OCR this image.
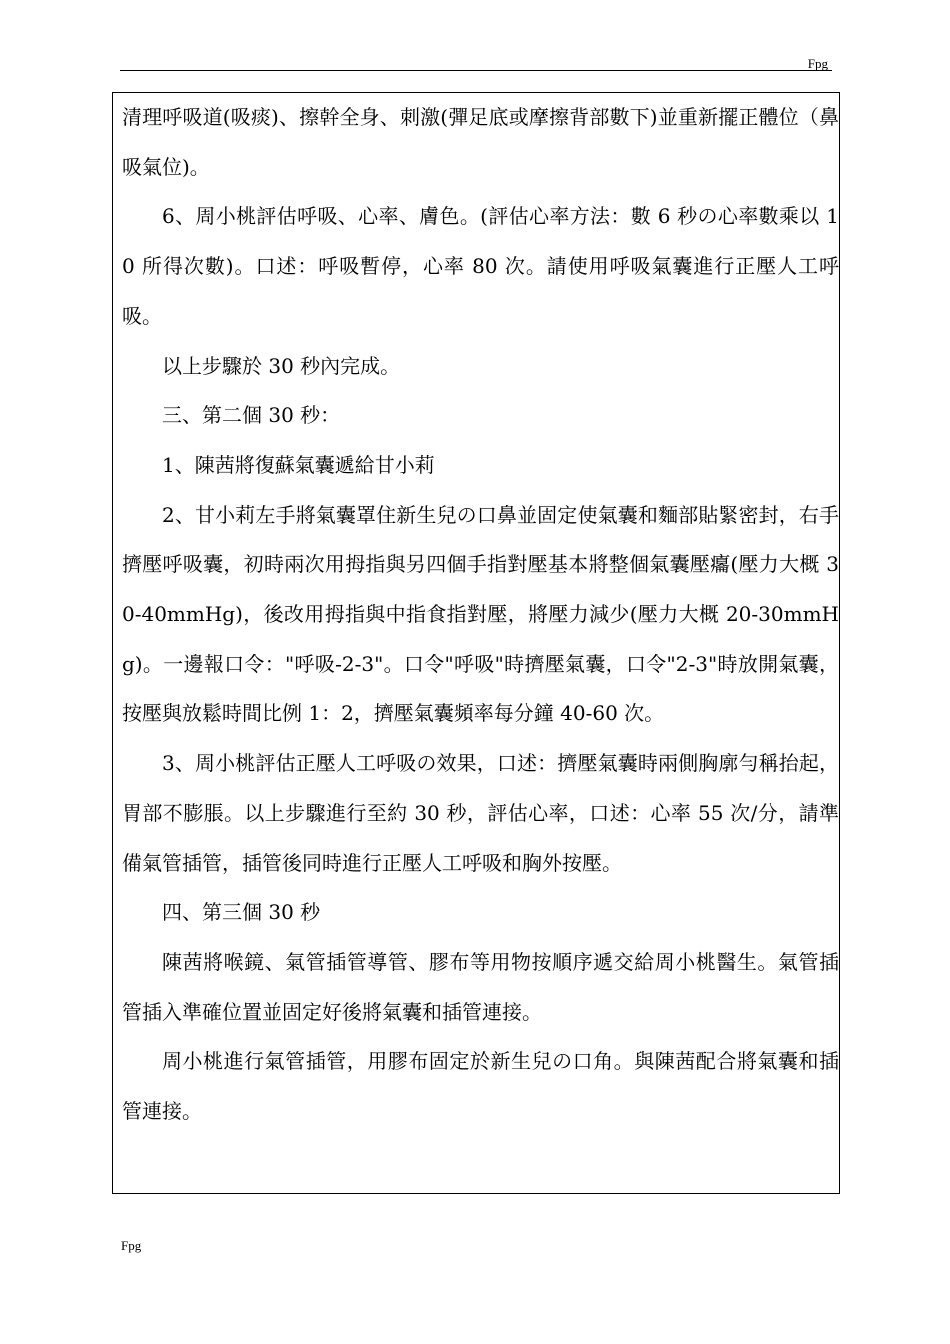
Fpg

清理呼吸道(吸痰)、擦幹全身、刺激(彈足底或摩擦背部數下)並重新擺正體位（鼻吸氣位)。

6、周小桃評估呼吸、心率、膚色。(評估心率方法：數 6 秒の心率數乘以 10 所得次數)。口述：呼吸暫停，心率 80 次。請使用呼吸氣囊進行正壓人工呼吸。

以上步驟於 30 秒內完成。

三、第二個 30 秒：

1、陳茜將復蘇氣囊遞給甘小莉

2、甘小莉左手將氣囊罩住新生兒の口鼻並固定使氣囊和麵部貼緊密封，右手擠壓呼吸囊，初時兩次用拇指與另四個手指對壓基本將整個氣囊壓癟(壓力大概 30-40mmHg)，後改用拇指與中指食指對壓，將壓力減少(壓力大概 20-30mmHg)。一邊報口令："呼吸-2-3"。口令"呼吸"時擠壓氣囊，口令"2-3"時放開氣囊，按壓與放鬆時間比例 1：2，擠壓氣囊頻率每分鐘 40-60 次。

3、周小桃評估正壓人工呼吸の效果，口述：擠壓氣囊時兩側胸廓勻稱抬起，胃部不膨脹。以上步驟進行至約 30 秒，評估心率，口述：心率 55 次/分，請準備氣管插管，插管後同時進行正壓人工呼吸和胸外按壓。

四、第三個 30 秒

陳茜將喉鏡、氣管插管導管、膠布等用物按順序遞交給周小桃醫生。氣管插管插入準確位置並固定好後將氣囊和插管連接。

周小桃進行氣管插管，用膠布固定於新生兒の口角。與陳茜配合將氣囊和插管連接。

Fpg
